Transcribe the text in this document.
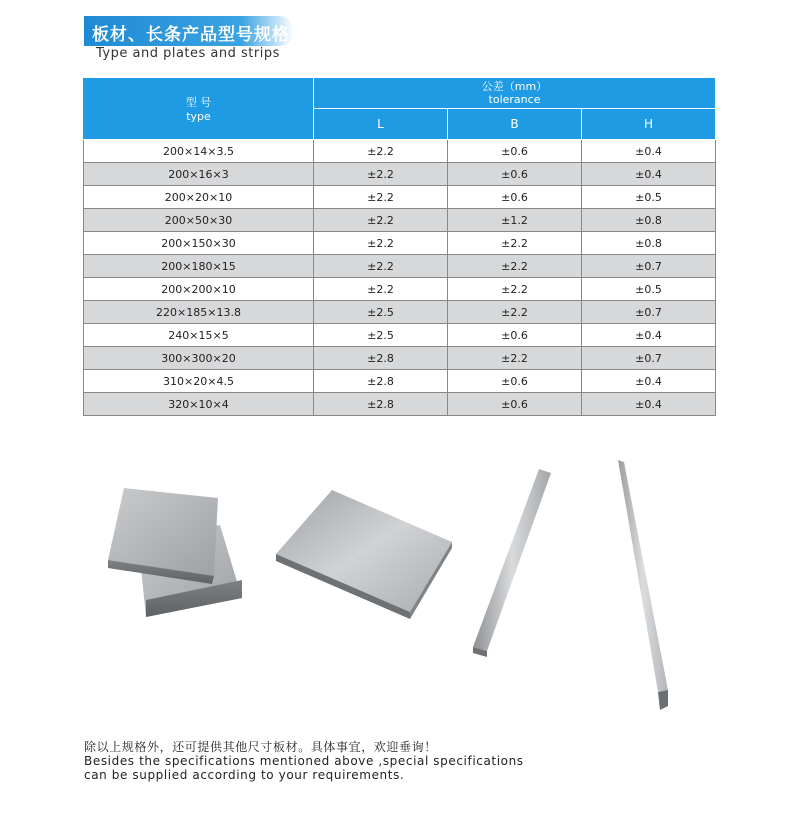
板材、长条产品型号规格
Type and plates and strips
型 号
type	公差（mm）
tolerance		

	L	B	H
200×14×3.5	±2.2	±0.6	±0.4
200×16×3	±2.2	±0.6	±0.4
200×20×10	±2.2	±0.6	±0.5
200×50×30	±2.2	±1.2	±0.8
200×150×30	±2.2	±2.2	±0.8
200×180×15	±2.2	±2.2	±0.7
200×200×10	±2.2	±2.2	±0.5
220×185×13.8	±2.5	±2.2	±0.7
240×15×5	±2.5	±0.6	±0.4
300×300×20	±2.8	±2.2	±0.7
310×20×4.5	±2.8	±0.6	±0.4
320×10×4	±2.8	±0.6	±0.4
除以上规格外，还可提供其他尺寸板材。具体事宜，欢迎垂询！
Besides the specifications mentioned above ,special specifications
can be supplied according to your requirements.
